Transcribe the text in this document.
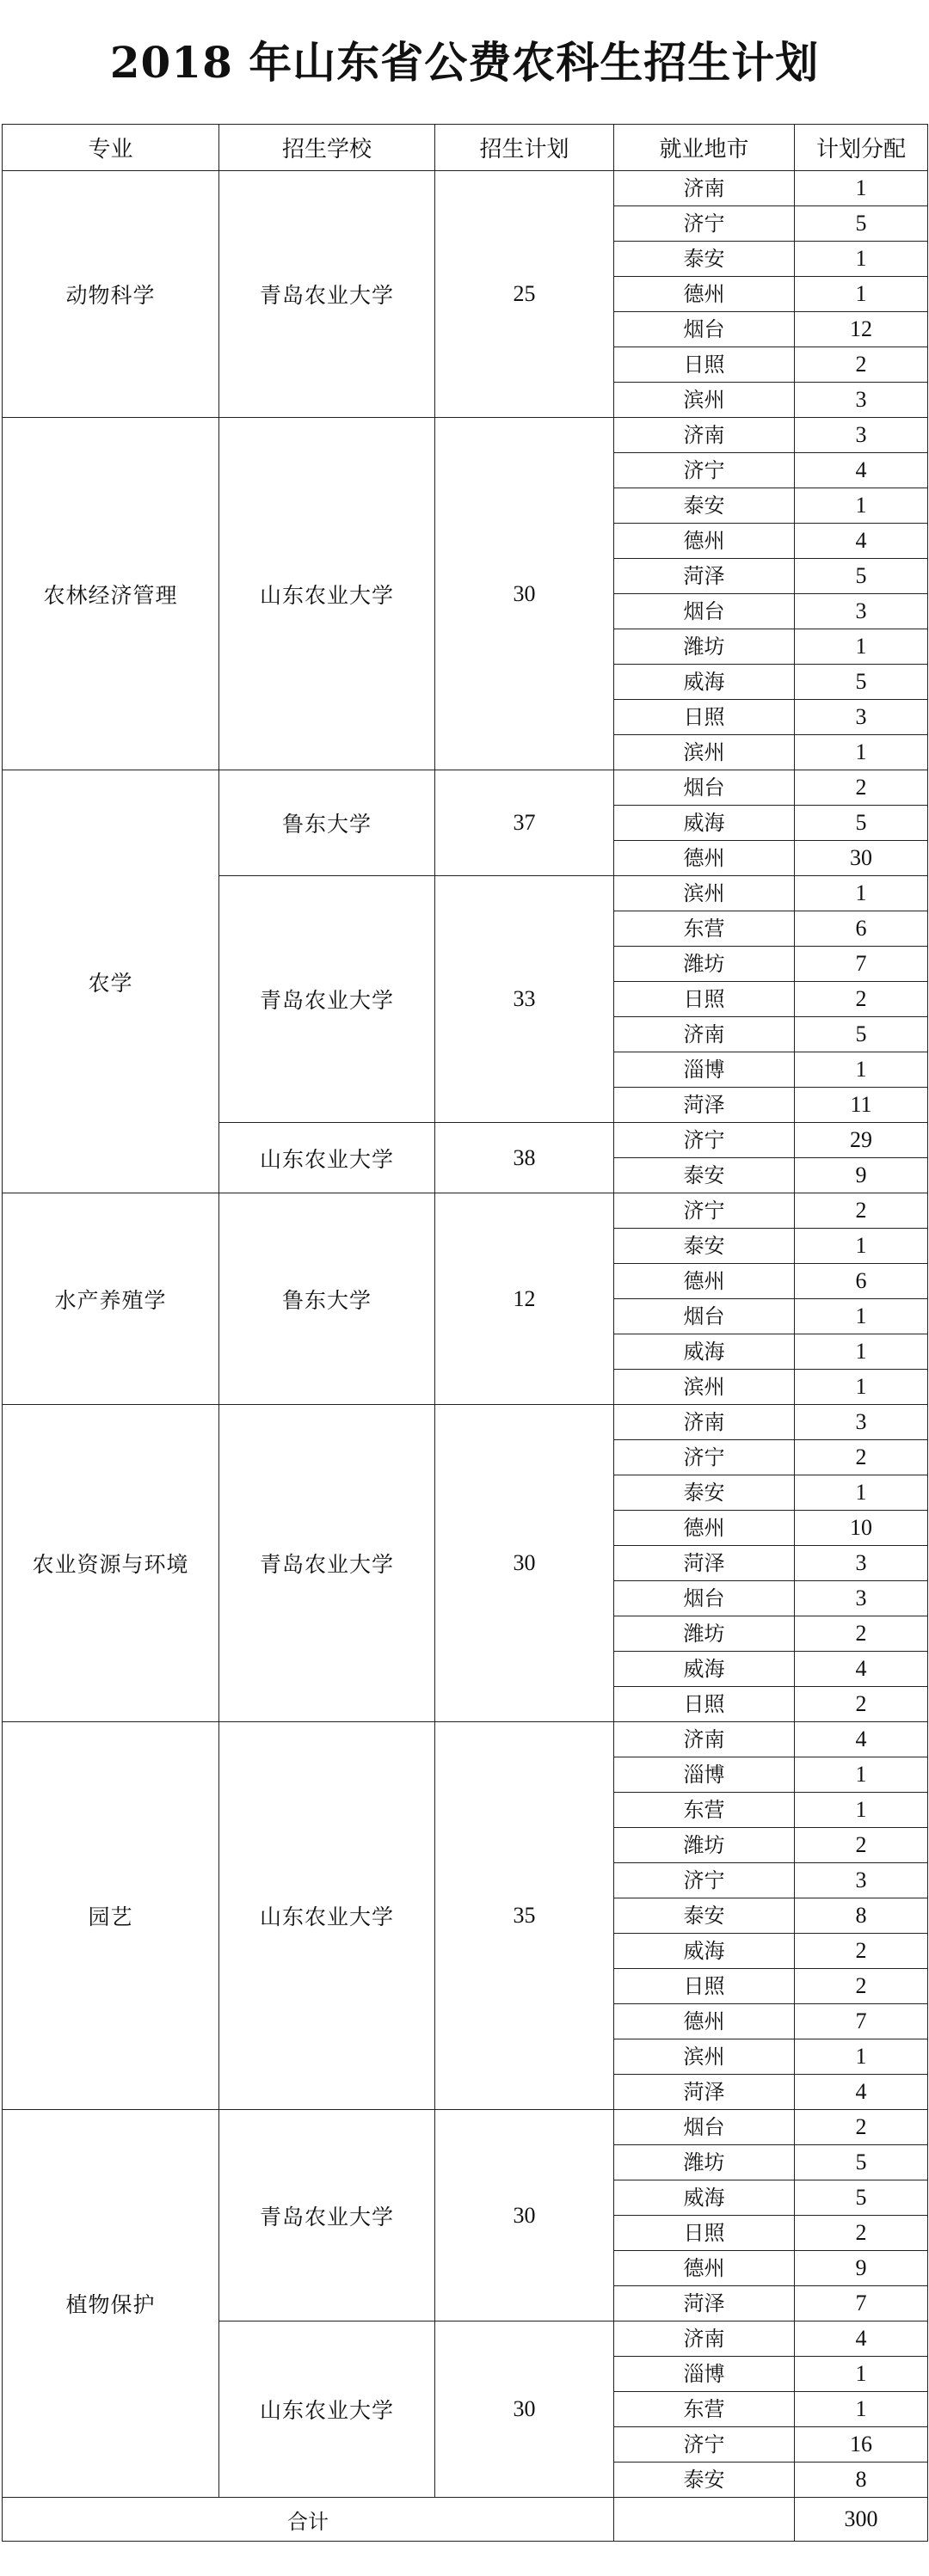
2018 年山东省公费农科生招生计划
专业	招生学校	招生计划	就业地市	计划分配
动物科学	青岛农业大学	25	济南	1
			济宁	5
			泰安	1
			德州	1
			烟台	12
			日照	2
			滨州	3
农林经济管理	山东农业大学	30	济南	3
			济宁	4
			泰安	1
			德州	4
			菏泽	5
			烟台	3
			潍坊	1
			威海	5
			日照	3
			滨州	1
农学	鲁东大学	37	烟台	2
			威海	5
			德州	30
	青岛农业大学	33	滨州	1
			东营	6
			潍坊	7
			日照	2
			济南	5
			淄博	1
			菏泽	11
	山东农业大学	38	济宁	29
			泰安	9
水产养殖学	鲁东大学	12	济宁	2
			泰安	1
			德州	6
			烟台	1
			威海	1
			滨州	1
农业资源与环境	青岛农业大学	30	济南	3
			济宁	2
			泰安	1
			德州	10
			菏泽	3
			烟台	3
			潍坊	2
			威海	4
			日照	2
园艺	山东农业大学	35	济南	4
			淄博	1
			东营	1
			潍坊	2
			济宁	3
			泰安	8
			威海	2
			日照	2
			德州	7
			滨州	1
			菏泽	4
植物保护	青岛农业大学	30	烟台	2
			潍坊	5
			威海	5
			日照	2
			德州	9
			菏泽	7
	山东农业大学	30	济南	4
			淄博	1
			东营	1
			济宁	16
			泰安	8
合计				300
